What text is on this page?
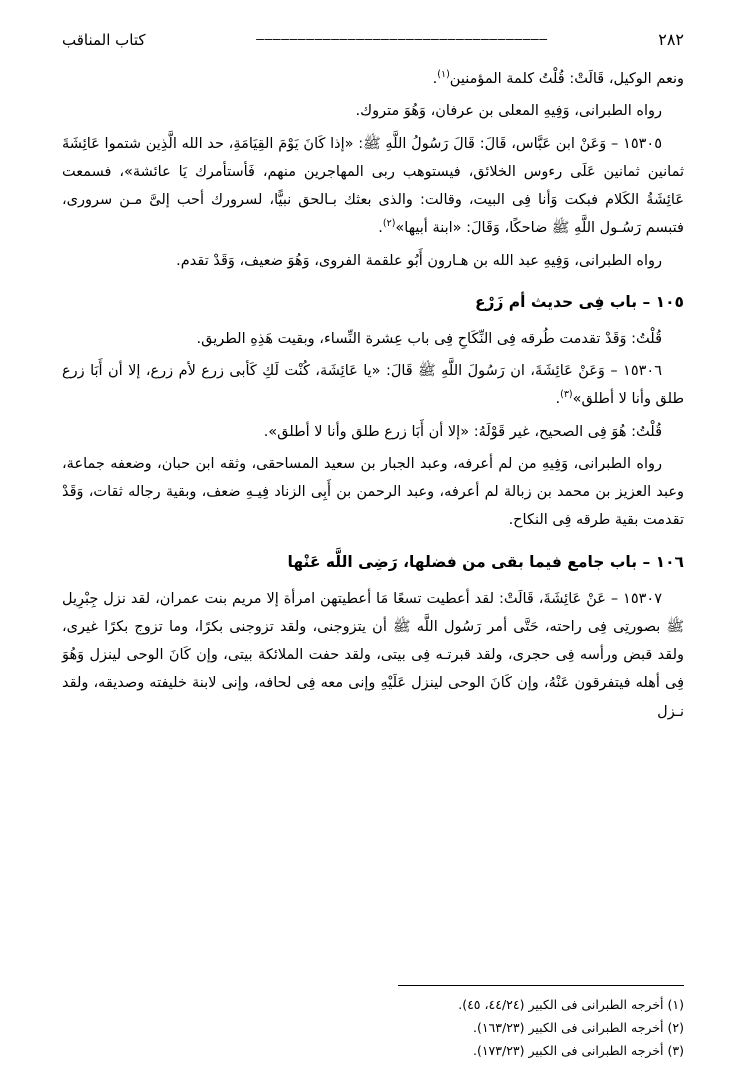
٢٨٢
–––––––––––––––––––––––––––––––––––
كتاب المناقب

ونعم الوكيل، قَالَتْ: قُلْتُ كلمة المؤمنين$^{(١)}$.

رواه الطبرانى، وَفِيهِ المعلى بن عرفان، وَهُوَ متروك.

١٥٣٠٥ – وَعَنْ ابن عَبَّاس، قَالَ: قَالَ رَسُولُ اللَّهِ ﷺ: «إذا كَانَ يَوْمَ القِيَامَةِ، حد الله الَّذِين شتموا عَائِشَةَ ثمانين ثمانين عَلَى رءوس الخلائق، فيستوهب ربى المهاجرين منهم، فَأستأمرك يَا عائشة»، فسمعت عَائِشَةُ الكَلام فبكت وَأنا فِى البيت، وقالت: والذى بعثك بـالحق نبيًّا، لسرورك أحب إلىَّ مـن سرورى، فتبسم رَسُـول اللَّهِ ﷺ ضاحكًا، وَقَالَ: «ابنة أبيها»$^{(٢)}$.

رواه الطبرانى، وَفِيهِ عبد الله بن هـارون أَبُو علقمة الفروى، وَهُوَ ضعيف، وَقَدْ تقدم.

١٠٥ – باب فِى حديث أم زَرْع

قُلْتُ: وَقَدْ تقدمت طُرقه فِى النِّكَاحِ فِى باب عِشرة النِّساء، وبقيت هَذِهِ الطريق.

١٥٣٠٦ – وَعَنْ عَائِشَةَ، ان رَسُولَ اللَّهِ ﷺ قَالَ: «يا عَائِشَة، كُنْت لَكِ كَأبى زرع لأم زرع، إلا أن أَبَا زرع طلق وأنا لا أطلق»$^{(٣)}$.

قُلْتُ: هُوَ فِى الصحيح، غير قَوْلَهُ: «إلا أن أَبَا زرع طلق وأنا لا أطلق».

رواه الطبرانى، وَفِيهِ من لم أعرفه، وعبد الجبار بن سعيد المساحقى، وثقه ابن حبان، وضعفه جماعة، وعبد العزيز بن محمد بن زبالة لم أعرفه، وعبد الرحمن بن أَبِى الزناد فِيـهِ ضعف، وبقية رجاله ثقات، وَقَدْ تقدمت بقية طرقه فِى النكاح.

١٠٦ – باب جامع فيما بقى من فضلها، رَضِى اللَّه عَنْها

١٥٣٠٧ – عَنْ عَائِشَةَ، قَالَتْ: لقد أعطيت تسعًا مَا أعطيتهن امرأة إلا مريم بنت عمران، لقد نزل جِبْرِيل ﷺ بصورتِى فِى راحته، حَتَّى أمر رَسُول اللَّه ﷺ أن يتزوجنى، ولقد تزوجنى بكرًا، وما تزوج بكرًا غيرى، ولقد قبض ورأسه فِى حجرى، ولقد قبرتـه فِى بيتى، ولقد حفت الملائكة بيتى، وإن كَانَ الوحى لينزل وَهُوَ فِى أهله فيتفرقون عَنْهُ، وإن كَانَ الوحى لينزل عَلَيْهِ وإنى معه فِى لحافه، وإنى لابنة خليفته وصديقه، ولقد نـزل

(١) أخرجه الطبرانى فى الكبير (٤٤/٢٤، ٤٥).

(٢) أخرجه الطبرانى فى الكبير (١٦٣/٢٣).

(٣) أخرجه الطبرانى فى الكبير (١٧٣/٢٣).
